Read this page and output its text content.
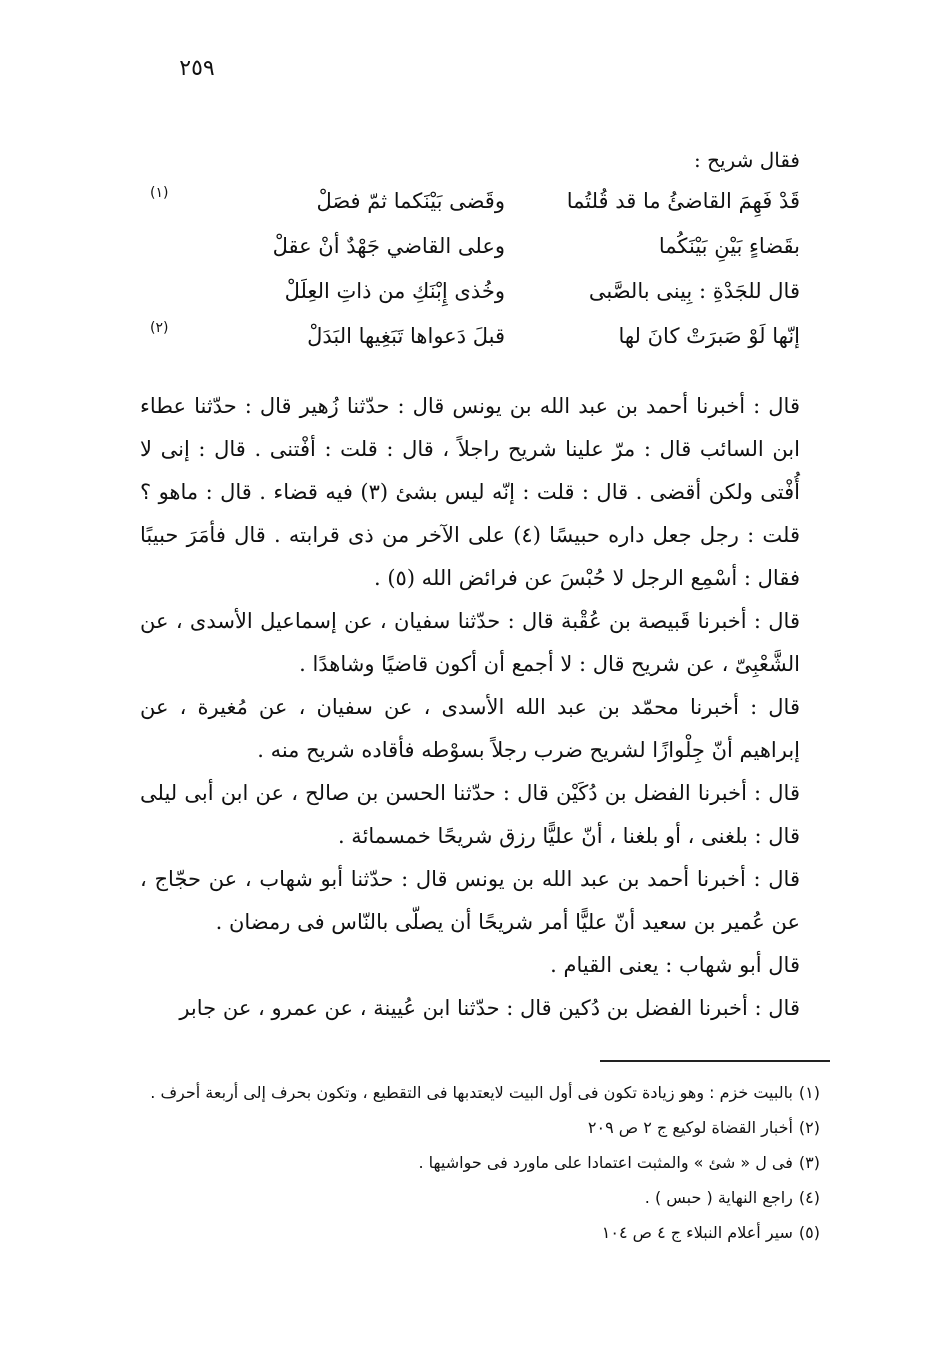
٢٥٩

فقال شريح :

قَدْ فَهِمَ القاضئُ ما قد قُلتُما
وقَضى بَيْنَكما ثمّ فصَلْ
(١)
بقَضاءٍ بَيْنِ بَيْنَكُما
وعلى القاضي جَهْدٌ أنْ عقلْ
قال للجَدْةِ : بِينى بالصَّبى
وخُذى إِبْنَكِ من ذاتِ العِلَلْ
إنّها لَوْ صَبرَتْ كانَ لها
قبلَ دَعواها تَبَغِيها البَدَلْ
(٢)

قال : أخبرنا أحمد بن عبد الله بن يونس قال : حدّثنا زُهير قال : حدّثنا عطاء ابن السائب قال : مرّ علينا شريح راجلاً ، قال : قلت : أفْتنى . قال : إنى لا أُفْتى ولكن أقضى . قال : قلت : إنّه ليس بشئ (٣) فيه قضاء . قال : ماهو ؟ قلت : رجل جعل داره حبيسًا (٤) على الآخر من ذى قرابته . قال فأمَرَ حبيبًا فقال : أسْمِع الرجل لا حُبْسَ عن فرائض الله (٥) .

قال : أخبرنا قَبيصة بن عُقْبة قال : حدّثنا سفيان ، عن إسماعيل الأسدى ، عن الشَّعْبِىّ ، عن شريح قال : لا أجمع أن أكون قاضيًا وشاهدًا .

قال : أخبرنا محمّد بن عبد الله الأسدى ، عن سفيان ، عن مُغيرة ، عن إبراهيم أنّ جِلْوازًا لشريح ضرب رجلاً بسوْطه فأقاده شريح منه .

قال : أخبرنا الفضل بن دُكَيْن قال : حدّثنا الحسن بن صالح ، عن ابن أبى ليلى قال : بلغنى ، أو بلغنا ، أنّ عليًّا رزق شريحًا خمسمائة .

قال : أخبرنا أحمد بن عبد الله بن يونس قال : حدّثنا أبو شهاب ، عن حجّاج ، عن عُمير بن سعيد أنّ عليًّا أمر شريحًا أن يصلّى بالنّاس فى رمضان .

قال أبو شهاب : يعنى القيام .

قال : أخبرنا الفضل بن دُكين قال : حدّثنا ابن عُيينة ، عن عمرو ، عن جابر

(١)بالبيت خزم : وهو زيادة تكون فى أول البيت لايعتدبها فى التقطيع ، وتكون بحرف إلى أربعة أحرف .

(٢)أخبار القضاة لوكيع ج ٢ ص ٢٠٩

(٣)فى ل « شئ » والمثبت اعتمادا على ماورد فى حواشيها .

(٤)راجع النهاية ( حبس ) .

(٥)سير أعلام النبلاء ج ٤ ص ١٠٤
